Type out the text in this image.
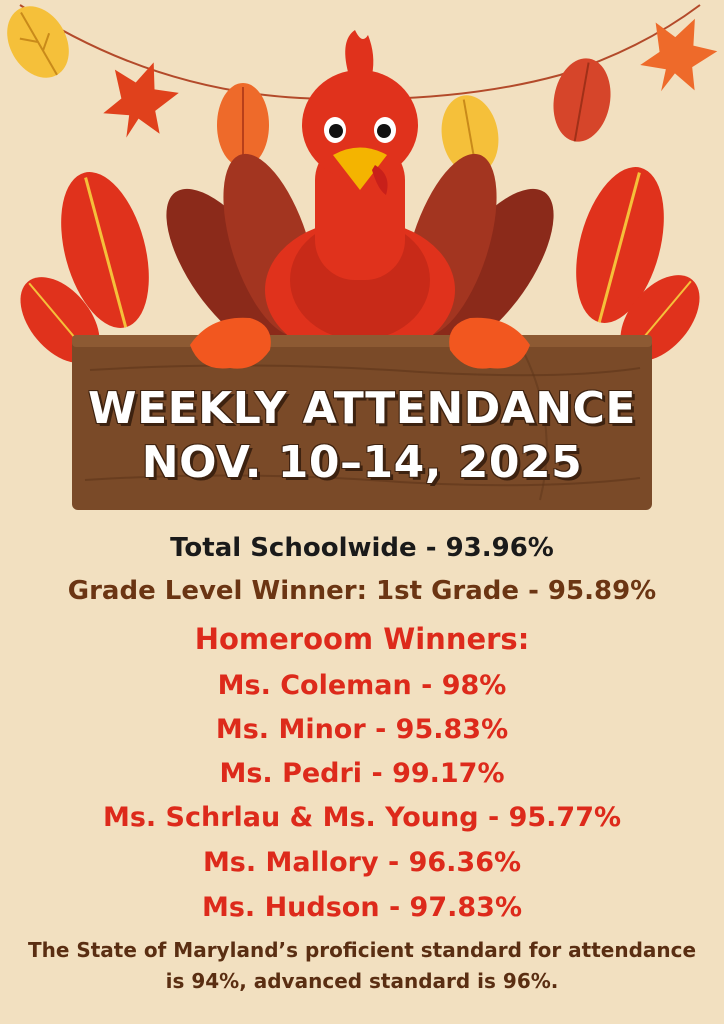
WEEKLY ATTENDANCE
NOV. 10–14, 2025
Total Schoolwide - 93.96%
Grade Level Winner: 1st Grade - 95.89%
Homeroom Winners:
Ms. Coleman - 98%
Ms. Minor - 95.83%
Ms. Pedri - 99.17%
Ms. Schrlau & Ms. Young - 95.77%
Ms. Mallory - 96.36%
Ms. Hudson - 97.83%
The State of Maryland’s proficient standard for attendance
is 94%, advanced standard is 96%.
